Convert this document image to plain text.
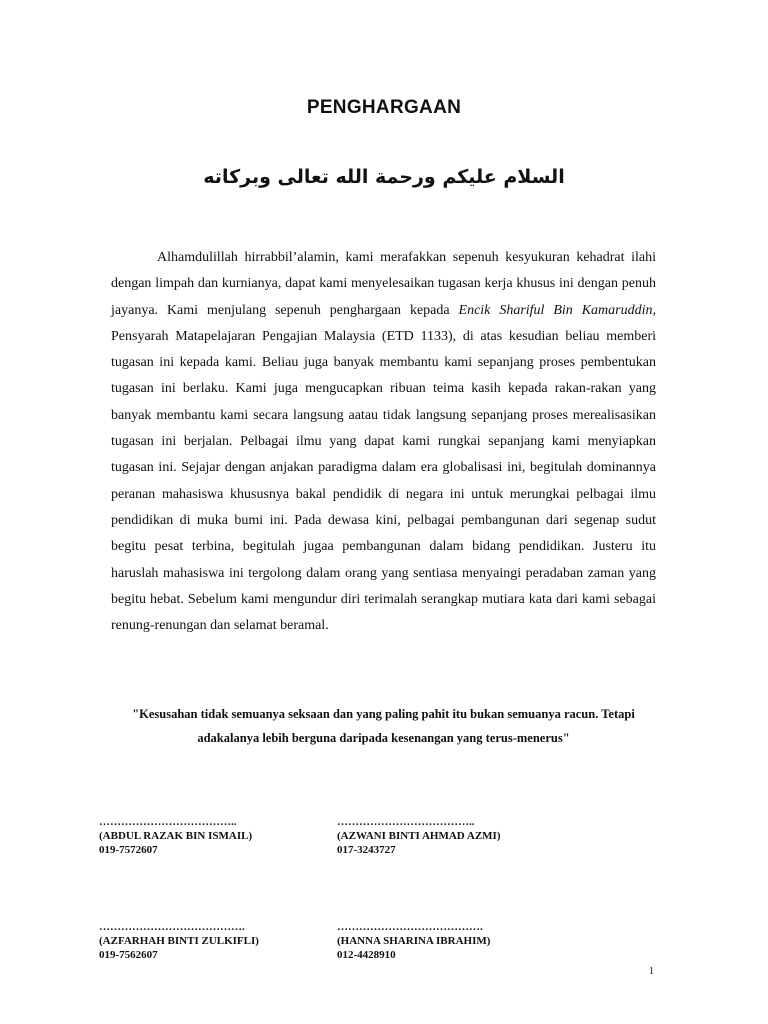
PENGHARGAAN
السلام عليكم ورحمة الله تعالى وبركاته

Alhamdulillah hirrabbil’alamin, kami merafakkan sepenuh kesyukuran kehadrat ilahi dengan limpah dan kurnianya, dapat kami menyelesaikan tugasan kerja khusus ini dengan penuh jayanya. Kami menjulang sepenuh penghargaan kepada Encik Shariful Bin Kamaruddin, Pensyarah Matapelajaran Pengajian Malaysia (ETD 1133), di atas kesudian beliau memberi tugasan ini kepada kami. Beliau juga banyak membantu kami sepanjang proses pembentukan tugasan ini berlaku. Kami juga mengucapkan ribuan teima kasih kepada rakan-rakan yang banyak membantu kami secara langsung aatau tidak langsung sepanjang proses merealisasikan tugasan ini berjalan. Pelbagai ilmu yang dapat kami rungkai sepanjang kami menyiapkan tugasan ini. Sejajar dengan anjakan paradigma dalam era globalisasi ini, begitulah dominannya peranan mahasiswa khususnya bakal pendidik di negara ini untuk merungkai pelbagai ilmu pendidikan di muka bumi ini. Pada dewasa kini, pelbagai pembangunan dari segenap sudut begitu pesat terbina, begitulah jugaa pembangunan dalam bidang pendidikan. Justeru itu haruslah mahasiswa ini tergolong dalam orang yang sentiasa menyaingi peradaban zaman yang begitu hebat. Sebelum kami mengundur diri terimalah serangkap mutiara kata dari kami sebagai renung-renungan dan selamat beramal.

"Kesusahan tidak semuanya seksaan dan yang paling pahit itu bukan semuanya racun. Tetapi adakalanya lebih berguna daripada kesenangan yang terus-menerus"
………………………………..
(ABDUL RAZAK BIN ISMAIL)
019-7572607
………………………………..
(AZWANI BINTI AHMAD AZMI)
017-3243727
………………………………….
(AZFARHAH BINTI ZULKIFLI)
019-7562607
………………………………….
(HANNA SHARINA IBRAHIM)
012-4428910
1
